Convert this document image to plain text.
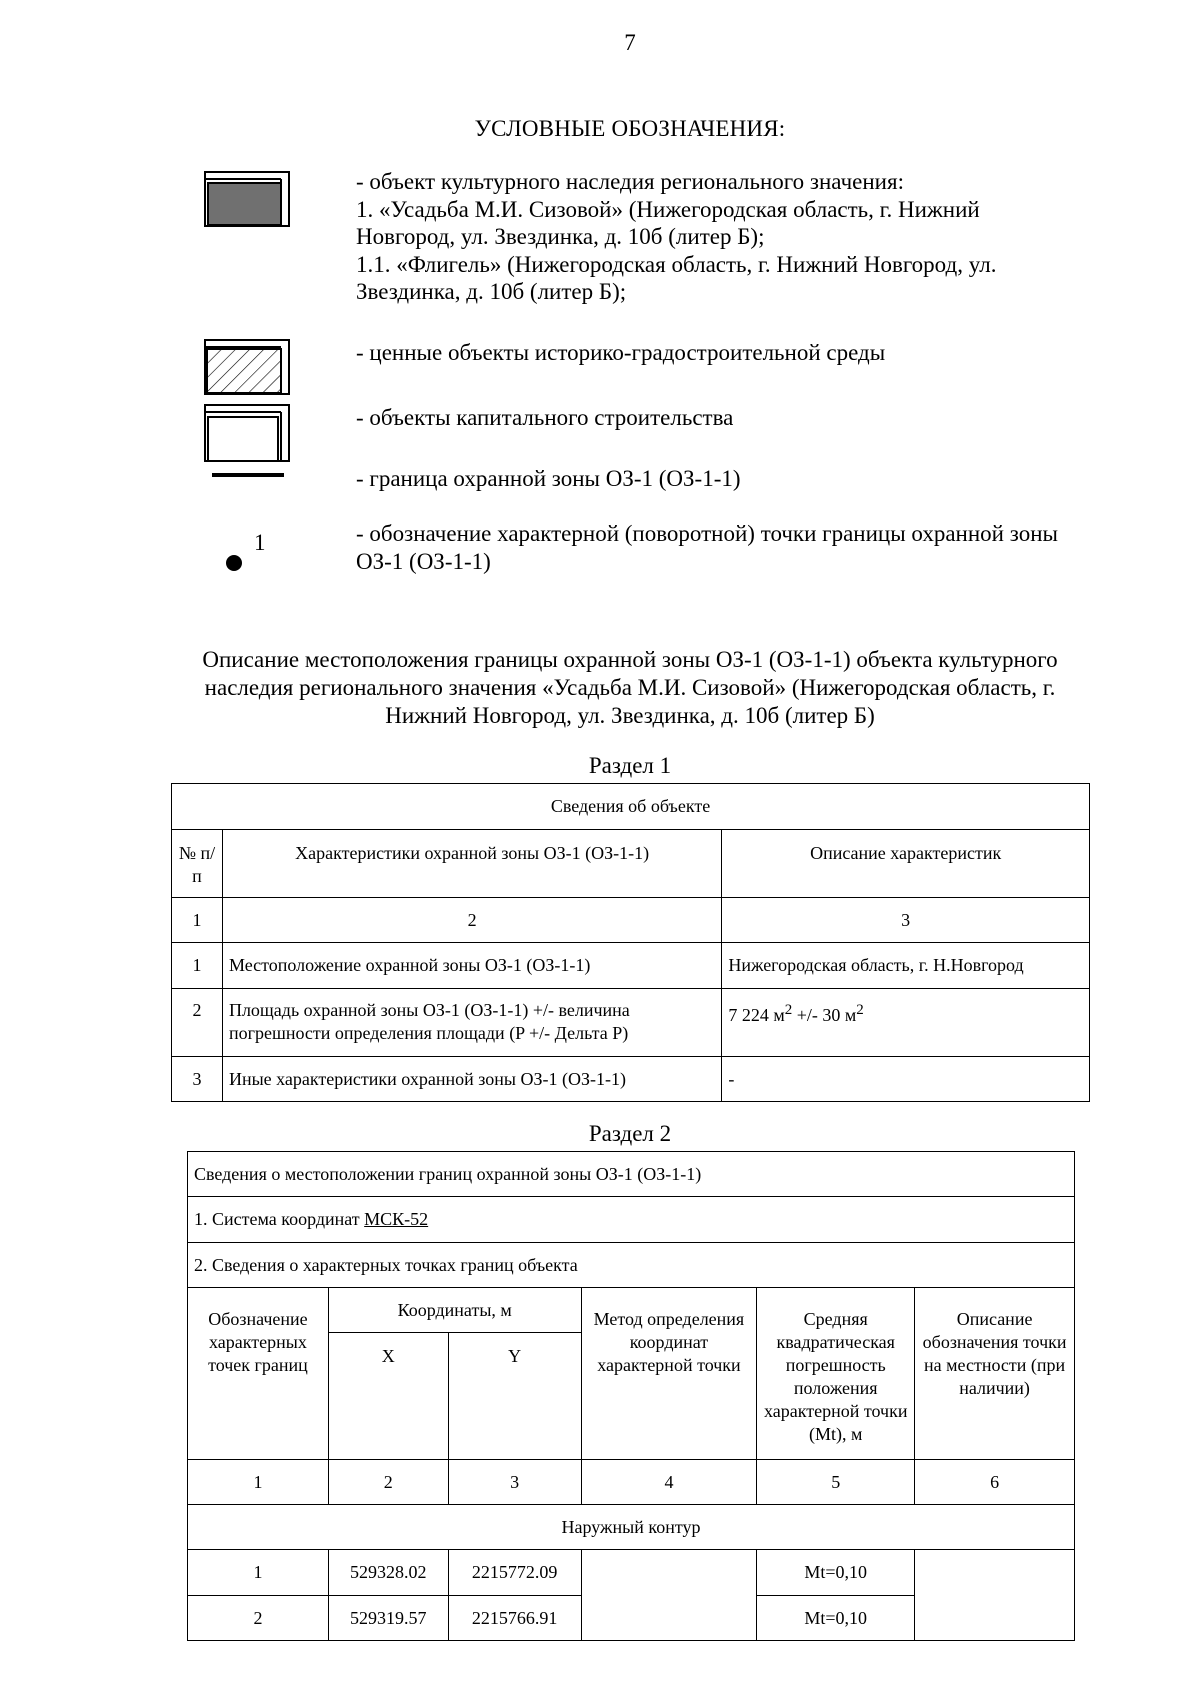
7
УСЛОВНЫЕ ОБОЗНАЧЕНИЯ:
1
- объект культурного наследия регионального значения:
1. «Усадьба М.И. Сизовой» (Нижегородская область, г. Нижний
Новгород, ул. Звездинка, д. 10б (литер Б);
1.1. «Флигель» (Нижегородская область, г. Нижний Новгород, ул.
Звездинка, д. 10б (литер Б);
- ценные объекты историко-градостроительной среды
- объекты капитального строительства
- граница охранной зоны ОЗ-1 (ОЗ-1-1)
- обозначение характерной (поворотной) точки границы охранной зоны
ОЗ-1 (ОЗ-1-1)
Описание местоположения границы охранной зоны ОЗ-1 (ОЗ-1-1) объекта культурного
наследия регионального значения «Усадьба М.И. Сизовой» (Нижегородская область, г.
Нижний Новгород, ул. Звездинка, д. 10б (литер Б)
Раздел 1
Сведения об объекте		
№ п/п	Характеристики охранной зоны ОЗ-1 (ОЗ-1-1)	Описание характеристик
1	2	3
1	Местоположение охранной зоны ОЗ-1 (ОЗ-1-1)	Нижегородская область, г. Н.Новгород
2	Площадь охранной зоны ОЗ-1 (ОЗ-1-1) +/- величина погрешности определения площади (P +/- Дельта P)	7 224 $м^2$ +/- 30 $м^2$
3	Иные характеристики охранной зоны ОЗ-1 (ОЗ-1-1)	-
Раздел 2
Сведения о местоположении границ охранной зоны ОЗ-1 (ОЗ-1-1)					
1. Система координат МСК-52					
2. Сведения о характерных точках границ объекта					
Обозначение характерных точек границ	Координаты, м		Метод определения координат характерной точки	Средняя квадратическая погрешность положения характерной точки (Mt), м	Описание обозначения точки на местности (при наличии)
	X	Y			
1	2	3	4	5	6
Наружный контур					
1	529328.02	2215772.09		Mt=0,10	
2	529319.57	2215766.91		Mt=0,10	
